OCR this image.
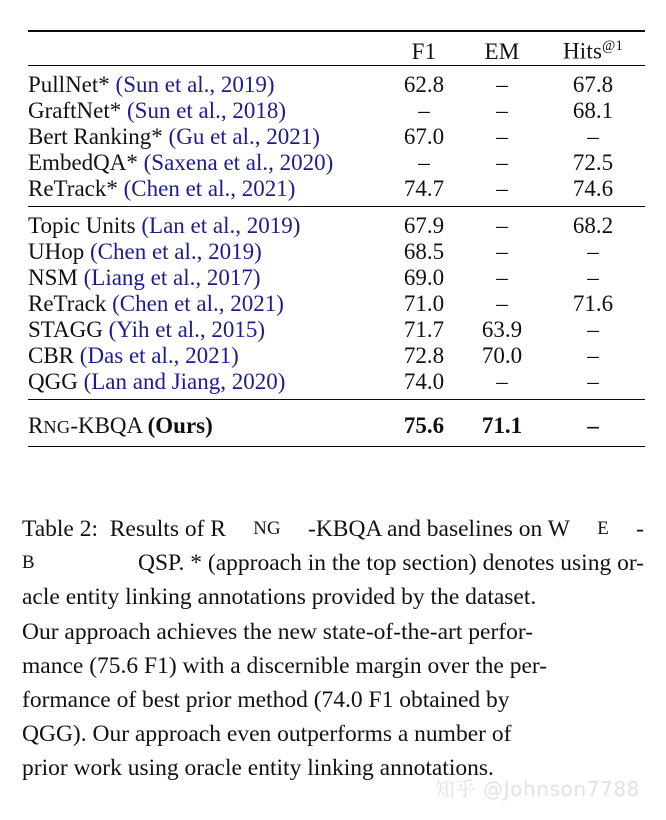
	F1	EM	Hits$^{@1}$

PullNet* (Sun et al., 2019)	62.8	–	67.8
GraftNet* (Sun et al., 2018)	–	–	68.1
Bert Ranking* (Gu et al., 2021)	67.0	–	–
EmbedQA* (Saxena et al., 2020)	–	–	72.5
ReTrack* (Chen et al., 2021)	74.7	–	74.6

Topic Units (Lan et al., 2019)	67.9	–	68.2
UHop (Chen et al., 2019)	68.5	–	–
NSM (Liang et al., 2017)	69.0	–	–
ReTrack (Chen et al., 2021)	71.0	–	71.6
STAGG (Yih et al., 2015)	71.7	63.9	–
CBR (Das et al., 2021)	72.8	70.0	–
QGG (Lan and Jiang, 2020)	74.0	–	–

RNG-KBQA (Ours)	75.6	71.1	–

Table 2:  Results of R NG -KBQA and baselines on W E -
B	QSP. * (approach in the top section) denotes using or-
acle entity linking annotations provided by the dataset.
Our approach achieves the new state-of-the-art perfor-
mance (75.6 F1) with a discernible margin over the per-
formance of best prior method (74.0 F1 obtained by
QGG). Our approach even outperforms a number of
prior work using oracle entity linking annotations.
知乎 @Johnson7788
